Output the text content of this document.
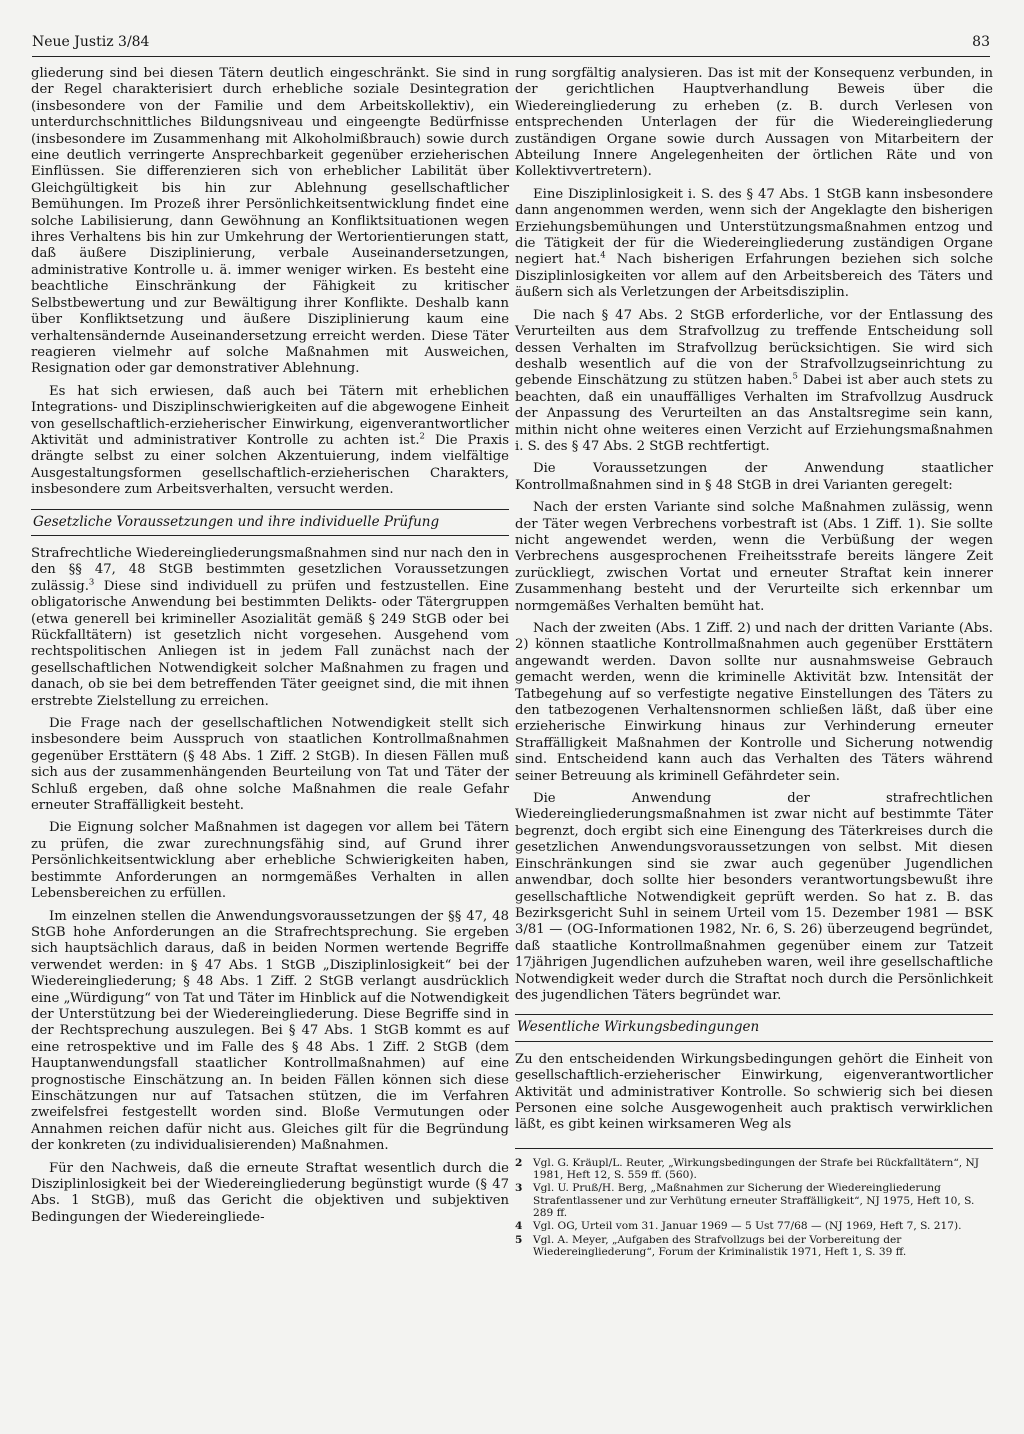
Neue Justiz 3/84	83

gliederung sind bei diesen Tätern deutlich eingeschränkt. Sie sind in der Regel charakterisiert durch erhebliche soziale Desintegration (insbesondere von der Familie und dem Arbeitskollektiv), ein unterdurchschnittliches Bildungsniveau und eingeengte Bedürfnisse (insbesondere im Zusammenhang mit Alkoholmißbrauch) sowie durch eine deutlich verringerte Ansprechbarkeit gegenüber erzieherischen Einflüssen. Sie differenzieren sich von erheblicher Labilität über Gleichgültigkeit bis hin zur Ablehnung gesellschaftlicher Bemühungen. Im Prozeß ihrer Persönlichkeitsentwicklung findet eine solche Labilisierung, dann Gewöhnung an Konfliktsituationen wegen ihres Verhaltens bis hin zur Umkehrung der Wertorientierungen statt, daß äußere Disziplinierung, verbale Auseinandersetzungen, administrative Kontrolle u. ä. immer weniger wirken. Es besteht eine beachtliche Einschränkung der Fähigkeit zu kritischer Selbstbewertung und zur Bewältigung ihrer Konflikte. Deshalb kann über Konfliktsetzung und äußere Disziplinierung kaum eine verhaltensändernde Auseinandersetzung erreicht werden. Diese Täter reagieren vielmehr auf solche Maßnahmen mit Ausweichen, Resignation oder gar demonstrativer Ablehnung.

Es hat sich erwiesen, daß auch bei Tätern mit erheblichen Integrations- und Disziplinschwierigkeiten auf die abgewogene Einheit von gesellschaftlich-erzieherischer Einwirkung, eigenverantwortlicher Aktivität und administrativer Kontrolle zu achten ist.$^2$ Die Praxis drängte selbst zu einer solchen Akzentuierung, indem vielfältige Ausgestaltungsformen gesellschaftlich-erzieherischen Charakters, insbesondere zum Arbeitsverhalten, versucht werden.

Gesetzliche Voraussetzungen und ihre individuelle Prüfung

Strafrechtliche Wiedereingliederungsmaßnahmen sind nur nach den in den §§ 47, 48 StGB bestimmten gesetzlichen Voraussetzungen zulässig.$^3$ Diese sind individuell zu prüfen und festzustellen. Eine obligatorische Anwendung bei bestimmten Delikts- oder Tätergruppen (etwa generell bei krimineller Asozialität gemäß § 249 StGB oder bei Rückfalltätern) ist gesetzlich nicht vorgesehen. Ausgehend vom rechtspolitischen Anliegen ist in jedem Fall zunächst nach der gesellschaftlichen Notwendigkeit solcher Maßnahmen zu fragen und danach, ob sie bei dem betreffenden Täter geeignet sind, die mit ihnen erstrebte Zielstellung zu erreichen.

Die Frage nach der gesellschaftlichen Notwendigkeit stellt sich insbesondere beim Ausspruch von staatlichen Kontrollmaßnahmen gegenüber Ersttätern (§ 48 Abs. 1 Ziff. 2 StGB). In diesen Fällen muß sich aus der zusammenhängenden Beurteilung von Tat und Täter der Schluß ergeben, daß ohne solche Maßnahmen die reale Gefahr erneuter Straffälligkeit besteht.

Die Eignung solcher Maßnahmen ist dagegen vor allem bei Tätern zu prüfen, die zwar zurechnungsfähig sind, auf Grund ihrer Persönlichkeitsentwicklung aber erhebliche Schwierigkeiten haben, bestimmte Anforderungen an normgemäßes Verhalten in allen Lebensbereichen zu erfüllen.

Im einzelnen stellen die Anwendungsvoraussetzungen der §§ 47, 48 StGB hohe Anforderungen an die Strafrechtsprechung. Sie ergeben sich hauptsächlich daraus, daß in beiden Normen wertende Begriffe verwendet werden: in § 47 Abs. 1 StGB „Disziplinlosigkeit“ bei der Wiedereingliederung; § 48 Abs. 1 Ziff. 2 StGB verlangt ausdrücklich eine „Würdigung“ von Tat und Täter im Hinblick auf die Notwendigkeit der Unterstützung bei der Wiedereingliederung. Diese Begriffe sind in der Rechtsprechung auszulegen. Bei § 47 Abs. 1 StGB kommt es auf eine retrospektive und im Falle des § 48 Abs. 1 Ziff. 2 StGB (dem Hauptanwendungsfall staatlicher Kontrollmaßnahmen) auf eine prognostische Einschätzung an. In beiden Fällen können sich diese Einschätzungen nur auf Tatsachen stützen, die im Verfahren zweifelsfrei festgestellt worden sind. Bloße Vermutungen oder Annahmen reichen dafür nicht aus. Gleiches gilt für die Begründung der konkreten (zu individualisierenden) Maßnahmen.

Für den Nachweis, daß die erneute Straftat wesentlich durch die Disziplinlosigkeit bei der Wiedereingliederung begünstigt wurde (§ 47 Abs. 1 StGB), muß das Gericht die objektiven und subjektiven Bedingungen der Wiedereingliede-

rung sorgfältig analysieren. Das ist mit der Konsequenz verbunden, in der gerichtlichen Hauptverhandlung Beweis über die Wiedereingliederung zu erheben (z. B. durch Verlesen von entsprechenden Unterlagen der für die Wiedereingliederung zuständigen Organe sowie durch Aussagen von Mitarbeitern der Abteilung Innere Angelegenheiten der örtlichen Räte und von Kollektivvertretern).

Eine Disziplinlosigkeit i. S. des § 47 Abs. 1 StGB kann insbesondere dann angenommen werden, wenn sich der Angeklagte den bisherigen Erziehungsbemühungen und Unterstützungsmaßnahmen entzog und die Tätigkeit der für die Wiedereingliederung zuständigen Organe negiert hat.$^4$ Nach bisherigen Erfahrungen beziehen sich solche Disziplinlosigkeiten vor allem auf den Arbeitsbereich des Täters und äußern sich als Verletzungen der Arbeitsdisziplin.

Die nach § 47 Abs. 2 StGB erforderliche, vor der Entlassung des Verurteilten aus dem Strafvollzug zu treffende Entscheidung soll dessen Verhalten im Strafvollzug berücksichtigen. Sie wird sich deshalb wesentlich auf die von der Strafvollzugseinrichtung zu gebende Einschätzung zu stützen haben.$^5$ Dabei ist aber auch stets zu beachten, daß ein unauffälliges Verhalten im Strafvollzug Ausdruck der Anpassung des Verurteilten an das Anstaltsregime sein kann, mithin nicht ohne weiteres einen Verzicht auf Erziehungsmaßnahmen i. S. des § 47 Abs. 2 StGB rechtfertigt.

Die Voraussetzungen der Anwendung staatlicher Kontrollmaßnahmen sind in § 48 StGB in drei Varianten geregelt:

Nach der ersten Variante sind solche Maßnahmen zulässig, wenn der Täter wegen Verbrechens vorbestraft ist (Abs. 1 Ziff. 1). Sie sollte nicht angewendet werden, wenn die Verbüßung der wegen Verbrechens ausgesprochenen Freiheitsstrafe bereits längere Zeit zurückliegt, zwischen Vortat und erneuter Straftat kein innerer Zusammenhang besteht und der Verurteilte sich erkennbar um normgemäßes Verhalten bemüht hat.

Nach der zweiten (Abs. 1 Ziff. 2) und nach der dritten Variante (Abs. 2) können staatliche Kontrollmaßnahmen auch gegenüber Ersttätern angewandt werden. Davon sollte nur ausnahmsweise Gebrauch gemacht werden, wenn die kriminelle Aktivität bzw. Intensität der Tatbegehung auf so verfestigte negative Einstellungen des Täters zu den tatbezogenen Verhaltensnormen schließen läßt, daß über eine erzieherische Einwirkung hinaus zur Verhinderung erneuter Straffälligkeit Maßnahmen der Kontrolle und Sicherung notwendig sind. Entscheidend kann auch das Verhalten des Täters während seiner Betreuung als kriminell Gefährdeter sein.

Die Anwendung der strafrechtlichen Wiedereingliederungsmaßnahmen ist zwar nicht auf bestimmte Täter begrenzt, doch ergibt sich eine Einengung des Täterkreises durch die gesetzlichen Anwendungsvoraussetzungen von selbst. Mit diesen Einschränkungen sind sie zwar auch gegenüber Jugendlichen anwendbar, doch sollte hier besonders verantwortungsbewußt ihre gesellschaftliche Notwendigkeit geprüft werden. So hat z. B. das Bezirksgericht Suhl in seinem Urteil vom 15. Dezember 1981 — BSK 3/81 — (OG-Informationen 1982, Nr. 6, S. 26) überzeugend begründet, daß staatliche Kontrollmaßnahmen gegenüber einem zur Tatzeit 17jährigen Jugendlichen aufzuheben waren, weil ihre gesellschaftliche Notwendigkeit weder durch die Straftat noch durch die Persönlichkeit des jugendlichen Täters begründet war.

Wesentliche Wirkungsbedingungen

Zu den entscheidenden Wirkungsbedingungen gehört die Einheit von gesellschaftlich-erzieherischer Einwirkung, eigenverantwortlicher Aktivität und administrativer Kontrolle. So schwierig sich bei diesen Personen eine solche Ausgewogenheit auch praktisch verwirklichen läßt, es gibt keinen wirksameren Weg als

2	Vgl. G. Kräupl/L. Reuter, „Wirkungsbedingungen der Strafe bei Rückfalltätern“, NJ 1981, Heft 12, S. 559 ff. (560).
3	Vgl. U. Pruß/H. Berg, „Maßnahmen zur Sicherung der Wiedereingliederung Strafentlassener und zur Verhütung erneuter Straffälligkeit“, NJ 1975, Heft 10, S. 289 ff.
4	Vgl. OG, Urteil vom 31. Januar 1969 — 5 Ust 77/68 — (NJ 1969, Heft 7, S. 217).
5	Vgl. A. Meyer, „Aufgaben des Strafvollzugs bei der Vorbereitung der Wiedereingliederung“, Forum der Kriminalistik 1971, Heft 1, S. 39 ff.
